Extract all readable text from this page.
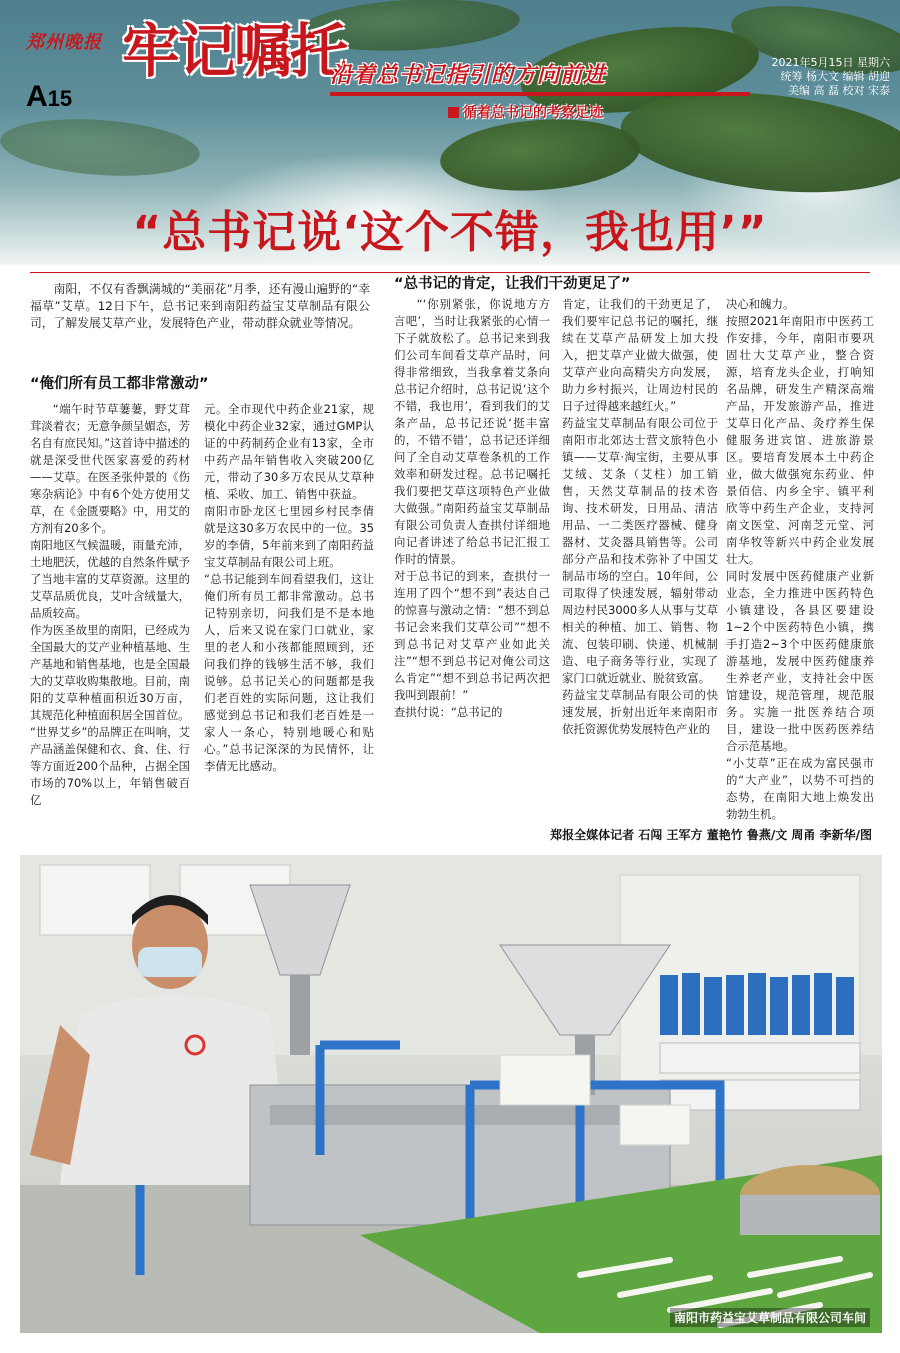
郑州晚报
A15
牢记嘱托
沿着总书记指引的方向前进
循着总书记的考察足迹
2021年5月15日 星期六
统筹 杨大文 编辑 胡迎
美编 高 磊 校对 宋泰
“总书记说‘这个不错，我也用’”
南阳，不仅有香飘满城的“美丽花”月季，还有漫山遍野的“幸福草”艾草。12日下午，总书记来到南阳药益宝艾草制品有限公司，了解发展艾草产业，发展特色产业，带动群众就业等情况。
“俺们所有员工都非常激动”
“端午时节草萋萋，野艾茸茸淡着衣；无意争颜呈媚态，芳名自有庶民知。”这首诗中描述的就是深受世代医家喜爱的药材——艾草。在医圣张仲景的《伤寒杂病论》中有6个处方使用艾草，在《金匮要略》中，用艾的方剂有20多个。
南阳地区气候温暖，雨量充沛，土地肥沃，优越的自然条件赋予了当地丰富的艾草资源。这里的艾草品质优良，艾叶含绒量大，品质较高。
作为医圣故里的南阳，已经成为全国最大的艾产业种植基地、生产基地和销售基地，也是全国最大的艾草收购集散地。目前，南阳的艾草种植面积近30万亩，其规范化种植面积居全国首位。
“世界艾乡”的品牌正在叫响，艾产品涵盖保健和衣、食、住、行等方面近200个品种，占据全国市场的70%以上，年销售破百亿
元。全市现代中药企业21家，规模化中药企业32家，通过GMP认证的中药制药企业有13家，全市中药产品年销售收入突破200亿元，带动了30多万农民从艾草种植、采收、加工、销售中获益。
南阳市卧龙区七里园乡村民李倩就是这30多万农民中的一位。35岁的李倩，5年前来到了南阳药益宝艾草制品有限公司上班。
“总书记能到车间看望我们，这让俺们所有员工都非常激动。总书记特别亲切，问我们是不是本地人，后来又说在家门口就业，家里的老人和小孩都能照顾到，还问我们挣的钱够生活不够，我们说够。总书记关心的问题都是我们老百姓的实际问题，这让我们感觉到总书记和我们老百姓是一家人一条心，特别地暖心和贴心。”总书记深深的为民情怀，让李倩无比感动。
“总书记的肯定，让我们干劲更足了”
“‘你别紧张，你说地方方言吧’，当时让我紧张的心情一下子就放松了。总书记来到我们公司车间看艾草产品时，问得非常细致，当我拿着艾条向总书记介绍时，总书记说‘这个不错，我也用’，看到我们的艾条产品，总书记还说‘挺丰富的，不错不错’，总书记还详细问了全自动艾草卷条机的工作效率和研发过程。总书记嘱托我们要把艾草这项特色产业做大做强。”南阳药益宝艾草制品有限公司负责人查拱付详细地向记者讲述了给总书记汇报工作时的情景。
对于总书记的到来，查拱付一连用了四个“想不到”表达自己的惊喜与激动之情：“想不到总书记会来我们艾草公司”“想不到总书记对艾草产业如此关注”“想不到总书记对俺公司这么肯定”“想不到总书记两次把我叫到跟前！”
查拱付说：“总书记的
肯定，让我们的干劲更足了，我们要牢记总书记的嘱托，继续在艾草产品研发上加大投入，把艾草产业做大做强，使艾草产业向高精尖方向发展，助力乡村振兴，让周边村民的日子过得越来越红火。”
药益宝艾草制品有限公司位于南阳市北郊达士营文旅特色小镇——艾草·淘宝街，主要从事艾绒、艾条（艾柱）加工销售，天然艾草制品的技术咨询、技术研发，日用品、清洁用品、一二类医疗器械、健身器材、艾灸器具销售等。公司部分产品和技术弥补了中国艾制品市场的空白。10年间，公司取得了快速发展，辐射带动周边村民3000多人从事与艾草相关的种植、加工、销售、物流、包装印刷、快递、机械制造、电子商务等行业，实现了家门口就近就业、脱贫致富。
药益宝艾草制品有限公司的快速发展，折射出近年来南阳市依托资源优势发展特色产业的
决心和魄力。
按照2021年南阳市中医药工作安排，今年，南阳市要巩固壮大艾草产业，整合资源，培育龙头企业，打响知名品牌，研发生产精深高端产品，开发旅游产品，推进艾草日化产品、灸疗养生保健服务进宾馆、进旅游景区。要培育发展本土中药企业，做大做强宛东药业、仲景佰信、内乡全宇、镇平利欣等中药生产企业，支持河南文医堂、河南芝元堂、河南华牧等新兴中药企业发展壮大。
同时发展中医药健康产业新业态，全力推进中医药特色小镇建设，各县区要建设1~2个中医药特色小镇，携手打造2~3个中医药健康旅游基地，发展中医药健康养生养老产业，支持社会中医馆建设，规范管理，规范服务。实施一批医养结合项目，建设一批中医药医养结合示范基地。
“小艾草”正在成为富民强市的“大产业”，以势不可挡的态势，在南阳大地上焕发出勃勃生机。
郑报全媒体记者 石闯 王军方 董艳竹 鲁燕/文 周甬 李新华/图
南阳市药益宝艾草制品有限公司车间
